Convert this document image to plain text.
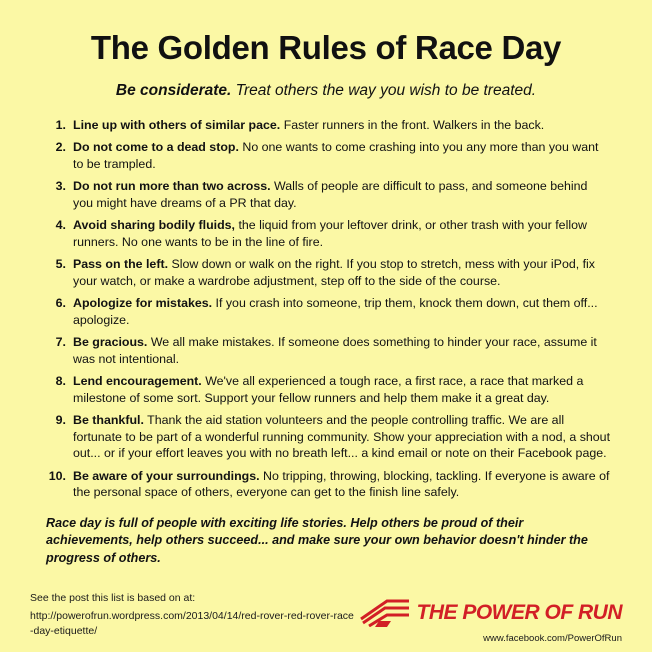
The Golden Rules of Race Day
Be considerate. Treat others the way you wish to be treated.
1. Line up with others of similar pace. Faster runners in the front. Walkers in the back.
2. Do not come to a dead stop. No one wants to come crashing into you any more than you want to be trampled.
3. Do not run more than two across. Walls of people are difficult to pass, and someone behind you might have dreams of a PR that day.
4. Avoid sharing bodily fluids, the liquid from your leftover drink, or other trash with your fellow runners. No one wants to be in the line of fire.
5. Pass on the left. Slow down or walk on the right. If you stop to stretch, mess with your iPod, fix your watch, or make a wardrobe adjustment, step off to the side of the course.
6. Apologize for mistakes. If you crash into someone, trip them, knock them down, cut them off... apologize.
7. Be gracious. We all make mistakes. If someone does something to hinder your race, assume it was not intentional.
8. Lend encouragement. We've all experienced a tough race, a first race, a race that marked a milestone of some sort. Support your fellow runners and help them make it a great day.
9. Be thankful. Thank the aid station volunteers and the people controlling traffic. We are all fortunate to be part of a wonderful running community. Show your appreciation with a nod, a shout out... or if your effort leaves you with no breath left... a kind email or note on their Facebook page.
10. Be aware of your surroundings. No tripping, throwing, blocking, tackling. If everyone is aware of the personal space of others, everyone can get to the finish line safely.
Race day is full of people with exciting life stories. Help others be proud of their achievements, help others succeed... and make sure your own behavior doesn't hinder the progress of others.
See the post this list is based on at:
http://powerofrun.wordpress.com/2013/04/14/red-rover-red-rover-race-day-etiquette/
THE POWER OF RUN
www.facebook.com/PowerOfRun
